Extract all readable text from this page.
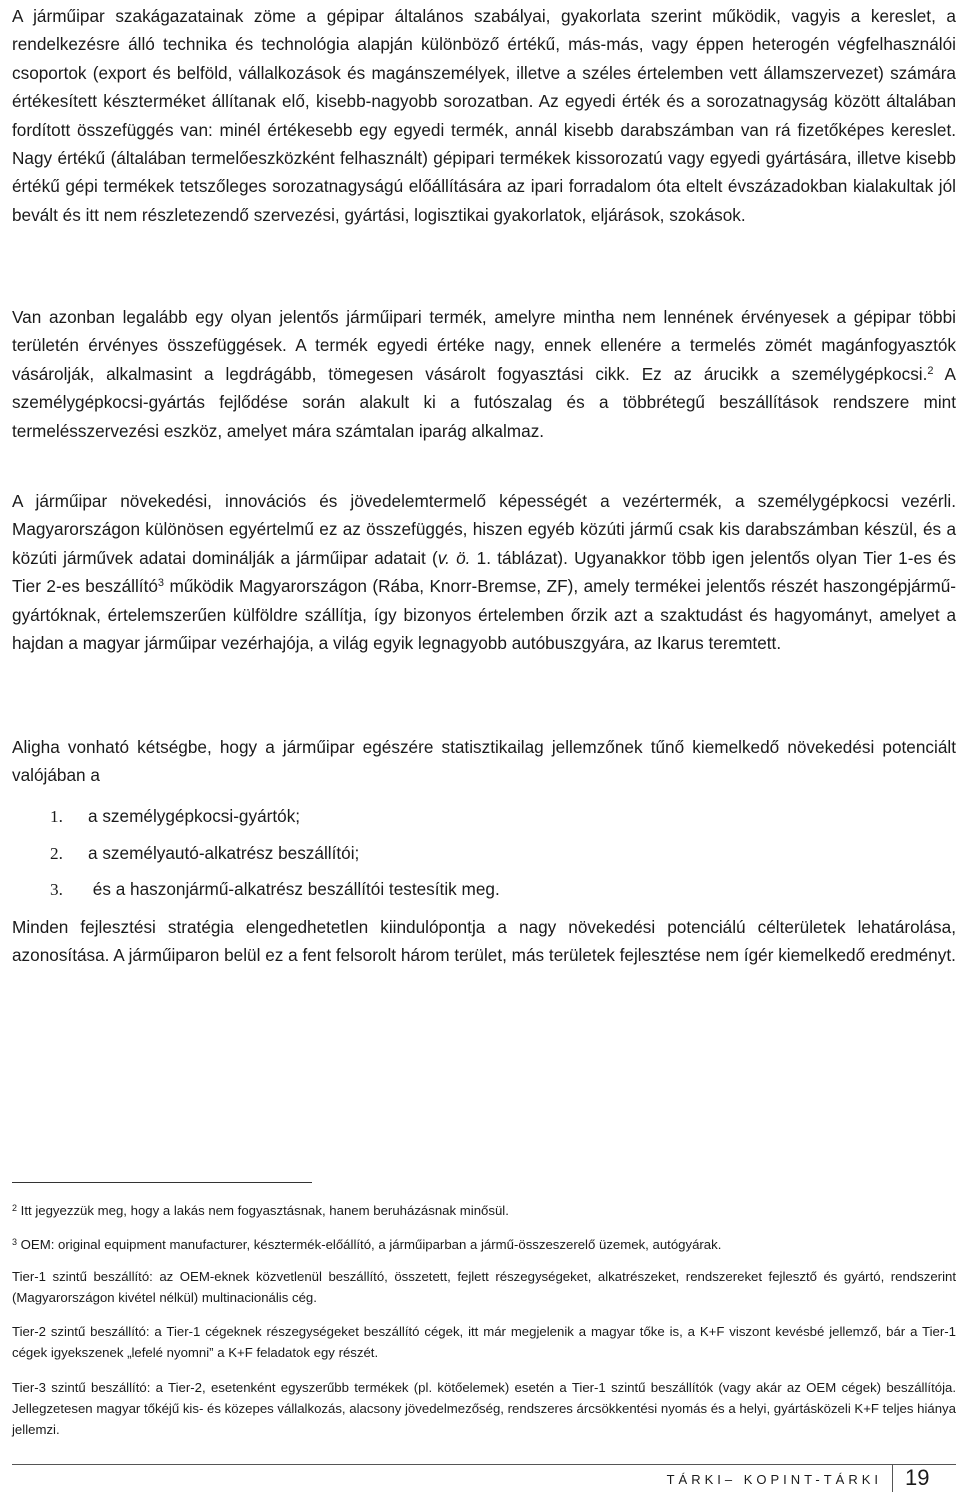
A járműipar szakágazatainak zöme a gépipar általános szabályai, gyakorlata szerint működik, vagyis a kereslet, a rendelkezésre álló technika és technológia alapján különböző értékű, más-más, vagy éppen heterogén végfelhasználói csoportok (export és belföld, vállalkozások és magánszemélyek, illetve a széles értelemben vett államszervezet) számára értékesített készterméket állítanak elő, kisebb-nagyobb sorozatban. Az egyedi érték és a sorozatnagyság között általában fordított összefüggés van: minél értékesebb egy egyedi termék, annál kisebb darabszámban van rá fizetőképes kereslet. Nagy értékű (általában termelőeszközként felhasznált) gépipari termékek kissorozatú vagy egyedi gyártására, illetve kisebb értékű gépi termékek tetszőleges sorozatnagyságú előállítására az ipari forradalom óta eltelt évszázadokban kialakultak jól bevált és itt nem részletezendő szervezési, gyártási, logisztikai gyakorlatok, eljárások, szokások.

Van azonban legalább egy olyan jelentős járműipari termék, amelyre mintha nem lennének érvényesek a gépipar többi területén érvényes összefüggések. A termék egyedi értéke nagy, ennek ellenére a termelés zömét magánfogyasztók vásárolják, alkalmasint a legdrágább, tömegesen vásárolt fogyasztási cikk. Ez az árucikk a személygépkocsi.$^2$ A személygépkocsi-gyártás fejlődése során alakult ki a futószalag és a többrétegű beszállítások rendszere mint termelésszervezési eszköz, amelyet mára számtalan iparág alkalmaz.

A járműipar növekedési, innovációs és jövedelemtermelő képességét a vezértermék, a személygépkocsi vezérli. Magyarországon különösen egyértelmű ez az összefüggés, hiszen egyéb közúti jármű csak kis darabszámban készül, és a közúti járművek adatai dominálják a járműipar adatait (v. ö. 1. táblázat). Ugyanakkor több igen jelentős olyan Tier 1-es és Tier 2-es beszállító$^3$ működik Magyarországon (Rába, Knorr-Bremse, ZF), amely termékei jelentős részét haszongépjármű-gyártóknak, értelemszerűen külföldre szállítja, így bizonyos értelemben őrzik azt a szaktudást és hagyományt, amelyet a hajdan a magyar járműipar vezérhajója, a világ egyik legnagyobb autóbuszgyára, az Ikarus teremtett.

Aligha vonható kétségbe, hogy a járműipar egészére statisztikailag jellemzőnek tűnő kiemelkedő növekedési potenciált valójában a

1. a személygépkocsi-gyártók;
2. a személyautó-alkatrész beszállítói;
3. és a haszonjármű-alkatrész beszállítói testesítik meg.

Minden fejlesztési stratégia elengedhetetlen kiindulópontja a nagy növekedési potenciálú célterületek lehatárolása, azonosítása. A járműiparon belül ez a fent felsorolt három terület, más területek fejlesztése nem ígér kiemelkedő eredményt.

$^2$ Itt jegyezzük meg, hogy a lakás nem fogyasztásnak, hanem beruházásnak minősül.

$^3$ OEM: original equipment manufacturer, késztermék-előállító, a járműiparban a jármű-összeszerelő üzemek, autógyárak.

Tier-1 szintű beszállító: az OEM-eknek közvetlenül beszállító, összetett, fejlett részegységeket, alkatrészeket, rendszereket fejlesztő és gyártó, rendszerint (Magyarországon kivétel nélkül) multinacionális cég.

Tier-2 szintű beszállító: a Tier-1 cégeknek részegységeket beszállító cégek, itt már megjelenik a magyar tőke is, a K+F viszont kevésbé jellemző, bár a Tier-1 cégek igyekszenek „lefelé nyomni” a K+F feladatok egy részét.

Tier-3 szintű beszállító: a Tier-2, esetenként egyszerűbb termékek (pl. kötőelemek) esetén a Tier-1 szintű beszállítók (vagy akár az OEM cégek) beszállítója. Jellegzetesen magyar tőkéjű kis- és közepes vállalkozás, alacsony jövedelmezőség, rendszeres árcsökkentési nyomás és a helyi, gyártásközeli K+F teljes hiánya jellemzi.

TÁRKI– KOPINT-TÁRKI 19
